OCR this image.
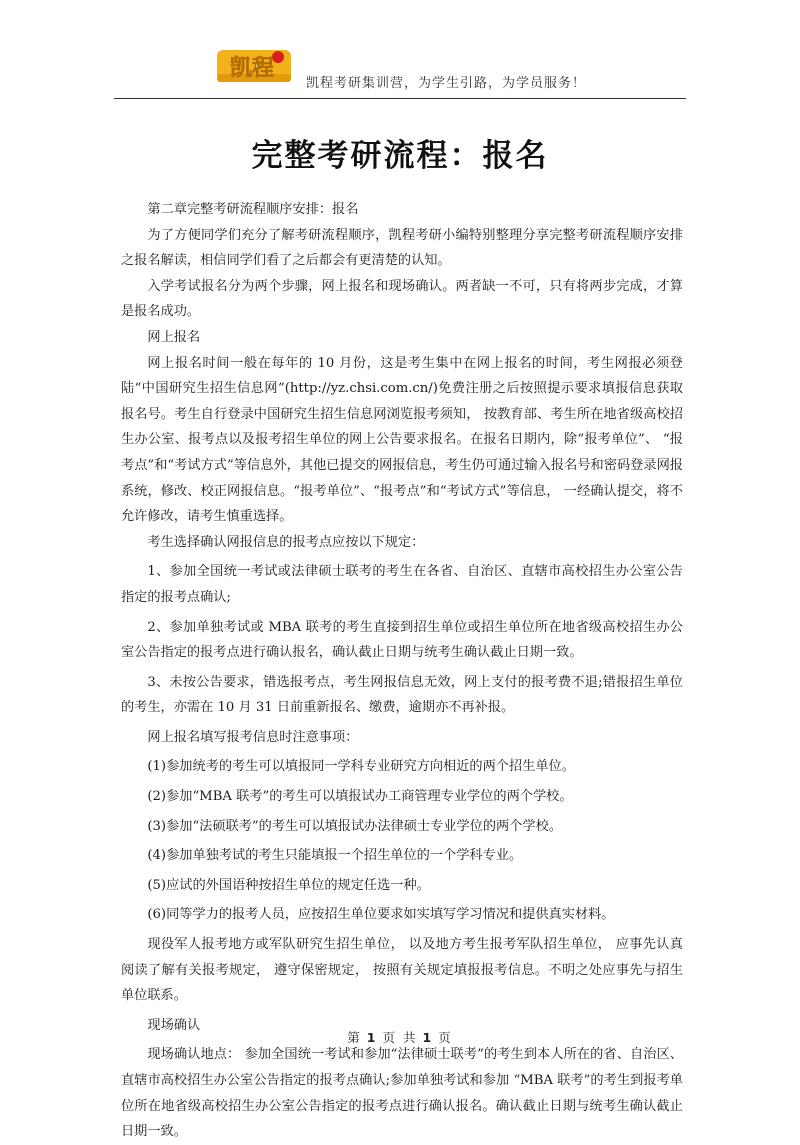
凯程
凯程考研集训营，为学生引路，为学员服务！
完整考研流程：报名

第二章完整考研流程顺序安排：报名

为了方便同学们充分了解考研流程顺序，凯程考研小编特别整理分享完整考研流程顺序安排之报名解读，相信同学们看了之后都会有更清楚的认知。

入学考试报名分为两个步骤，网上报名和现场确认。两者缺一不可，只有将两步完成，才算是报名成功。

网上报名

网上报名时间一般在每年的 10 月份，这是考生集中在网上报名的时间，考生网报必须登陆“中国研究生招生信息网”(http://yz.chsi.com.cn/)免费注册之后按照提示要求填报信息获取报名号。考生自行登录中国研究生招生信息网浏览报考须知， 按教育部、考生所在地省级高校招生办公室、报考点以及报考招生单位的网上公告要求报名。在报名日期内，除“报考单位”、 “报考点”和“考试方式”等信息外，其他已提交的网报信息，考生仍可通过输入报名号和密码登录网报系统，修改、校正网报信息。“报考单位”、“报考点”和“考试方式”等信息， 一经确认提交，将不允许修改，请考生慎重选择。

考生选择确认网报信息的报考点应按以下规定：

1、参加全国统一考试或法律硕士联考的考生在各省、自治区、直辖市高校招生办公室公告指定的报考点确认;

2、参加单独考试或 MBA 联考的考生直接到招生单位或招生单位所在地省级高校招生办公室公告指定的报考点进行确认报名，确认截止日期与统考生确认截止日期一致。

3、未按公告要求，错选报考点，考生网报信息无效，网上支付的报考费不退;错报招生单位的考生，亦需在 10 月 31 日前重新报名、缴费，逾期亦不再补报。

网上报名填写报考信息时注意事项：

(1)参加统考的考生可以填报同一学科专业研究方向相近的两个招生单位。

(2)参加“MBA 联考”的考生可以填报试办工商管理专业学位的两个学校。

(3)参加“法硕联考”的考生可以填报试办法律硕士专业学位的两个学校。

(4)参加单独考试的考生只能填报一个招生单位的一个学科专业。

(5)应试的外国语种按招生单位的规定任选一种。

(6)同等学力的报考人员，应按招生单位要求如实填写学习情况和提供真实材料。

现役军人报考地方或军队研究生招生单位， 以及地方考生报考军队招生单位， 应事先认真阅读了解有关报考规定， 遵守保密规定， 按照有关规定填报报考信息。不明之处应事先与招生单位联系。

现场确认

现场确认地点： 参加全国统一考试和参加“法律硕士联考”的考生到本人所在的省、自治区、直辖市高校招生办公室公告指定的报考点确认;参加单独考试和参加 “MBA 联考”的考生到报考单位所在地省级高校招生办公室公告指定的报考点进行确认报名。确认截止日期与统考生确认截止日期一致。

第 1 页 共 1 页
